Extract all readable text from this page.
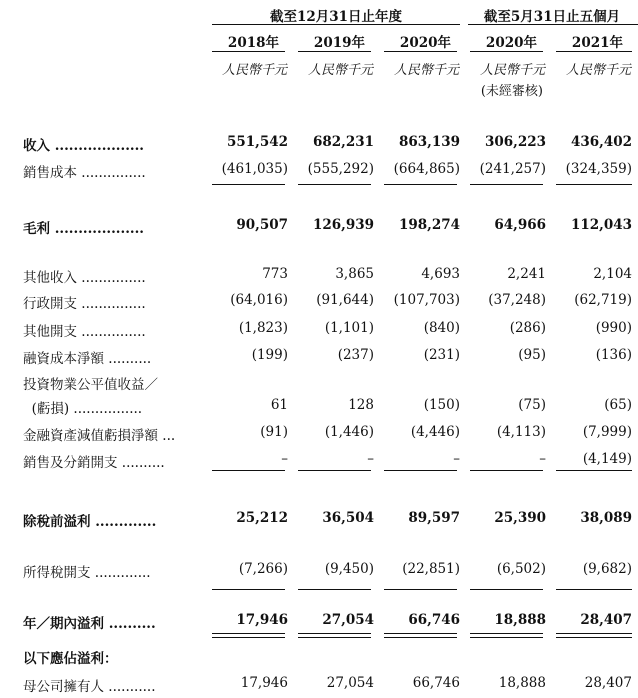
截至12月31日止年度	截至5月31日止五個月
2018年	2019年	2020年	2020年	2021年
人民幣千元	人民幣千元	人民幣千元	人民幣千元	人民幣千元
(未經審核)
收入 ...................	551,542	682,231	863,139	306,223	436,402
銷售成本 ...............	(461,035)	(555,292)	(664,865)	(241,257)	(324,359)
毛利 ...................	90,507	126,939	198,274	64,966	112,043
其他收入 ...............	773	3,865	4,693	2,241	2,104
行政開支 ...............	(64,016)	(91,644)	(107,703)	(37,248)	(62,719)
其他開支 ...............	(1,823)	(1,101)	(840)	(286)	(990)
融資成本淨額 ..........	(199)	(237)	(231)	(95)	(136)
投資物業公平值收益／
(虧損) ................	61	128	(150)	(75)	(65)
金融資產減值虧損淨額 ...	(91)	(1,446)	(4,446)	(4,113)	(7,999)
銷售及分銷開支 ..........	–	–	–	–	(4,149)
除稅前溢利 .............	25,212	36,504	89,597	25,390	38,089
所得稅開支 .............	(7,266)	(9,450)	(22,851)	(6,502)	(9,682)
年／期內溢利 ..........	17,946	27,054	66,746	18,888	28,407
以下應佔溢利：
母公司擁有人 ...........	17,946	27,054	66,746	18,888	28,407
